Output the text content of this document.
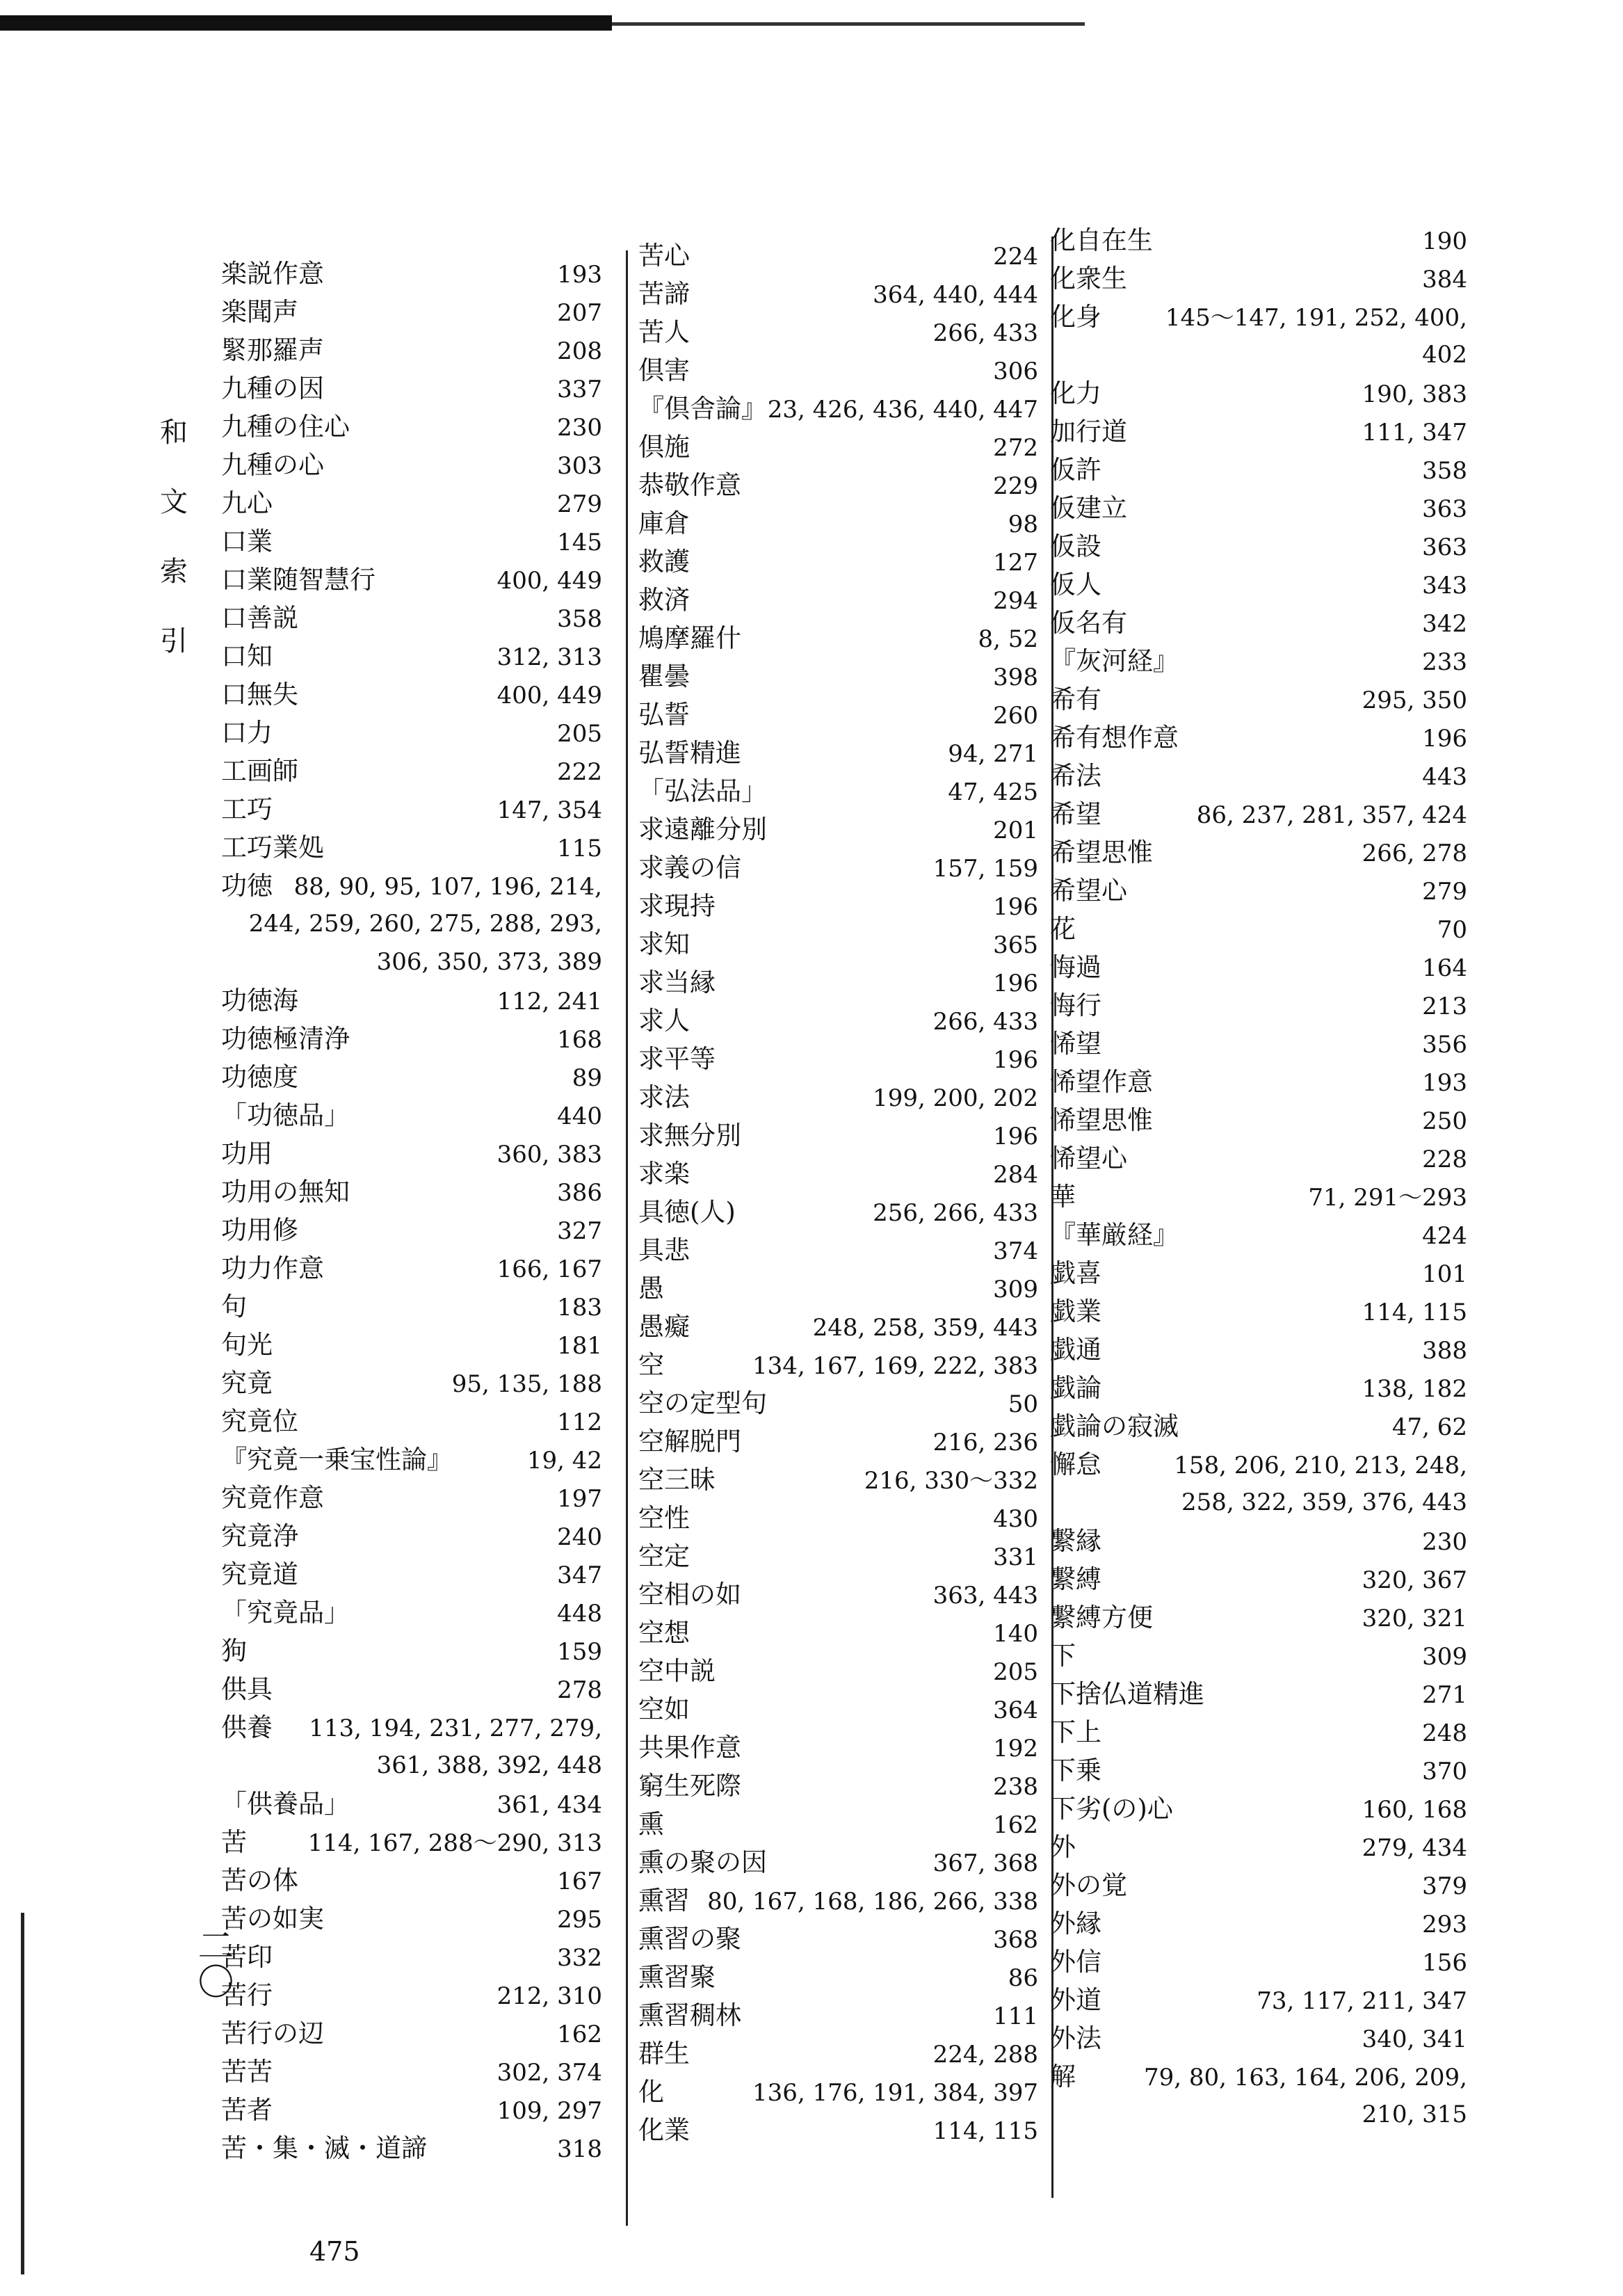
和
文
索
引
二〇
楽説作意	193
楽聞声	207
緊那羅声	208
九種の因	337
九種の住心	230
九種の心	303
九心	279
口業	145
口業随智慧行	400, 449
口善説	358
口知	312, 313
口無失	400, 449
口力	205
工画師	222
工巧	147, 354
工巧業処	115
功徳 88, 90, 95, 107, 196, 214,
244, 259, 260, 275, 288, 293,
306, 350, 373, 389
功徳海	112, 241
功徳極清浄	168
功徳度	89
「功徳品」	440
功用	360, 383
功用の無知	386
功用修	327
功力作意	166, 167
句	183
句光	181
究竟	95, 135, 188
究竟位	112
『究竟一乗宝性論』	19, 42
究竟作意	197
究竟浄	240
究竟道	347
「究竟品」	448
狗	159
供具	278
供養 113, 194, 231, 277, 279,
361, 388, 392, 448
「供養品」	361, 434
苦	114, 167, 288～290, 313
苦の体	167
苦の如実	295
苦印	332
苦行	212, 310
苦行の辺	162
苦苦	302, 374
苦者	109, 297
苦・集・滅・道諦	318
苦心	224
苦諦	364, 440, 444
苦人	266, 433
倶害	306
『倶舎論』 23, 426, 436, 440, 447
倶施	272
恭敬作意	229
庫倉	98
救護	127
救済	294
鳩摩羅什	8, 52
瞿曇	398
弘誓	260
弘誓精進	94, 271
「弘法品」	47, 425
求遠離分別	201
求義の信	157, 159
求現持	196
求知	365
求当縁	196
求人	266, 433
求平等	196
求法	199, 200, 202
求無分別	196
求楽	284
具徳(人)	256, 266, 433
具悲	374
愚	309
愚癡	248, 258, 359, 443
空	134, 167, 169, 222, 383
空の定型句	50
空解脱門	216, 236
空三昧	216, 330～332
空性	430
空定	331
空相の如	363, 443
空想	140
空中説	205
空如	364
共果作意	192
窮生死際	238
熏	162
熏の聚の因	367, 368
熏習 80, 167, 168, 186, 266, 338
熏習の聚	368
熏習聚	86
熏習稠林	111
群生	224, 288
化	136, 176, 191, 384, 397
化業	114, 115
化自在生	190
化衆生	384
化身	145～147, 191, 252, 400,
402
化力	190, 383
加行道	111, 347
仮許	358
仮建立	363
仮設	363
仮人	343
仮名有	342
『灰河経』	233
希有	295, 350
希有想作意	196
希法	443
希望	86, 237, 281, 357, 424
希望思惟	266, 278
希望心	279
花	70
悔過	164
悔行	213
悕望	356
悕望作意	193
悕望思惟	250
悕望心	228
華	71, 291～293
『華厳経』	424
戯喜	101
戯業	114, 115
戯通	388
戯論	138, 182
戯論の寂滅	47, 62
懈怠	158, 206, 210, 213, 248,
258, 322, 359, 376, 443
繋縁	230
繋縛	320, 367
繋縛方便	320, 321
下	309
下捨仏道精進	271
下上	248
下乗	370
下劣(の)心	160, 168
外	279, 434
外の覚	379
外縁	293
外信	156
外道	73, 117, 211, 347
外法	340, 341
解	79, 80, 163, 164, 206, 209,
210, 315
475
